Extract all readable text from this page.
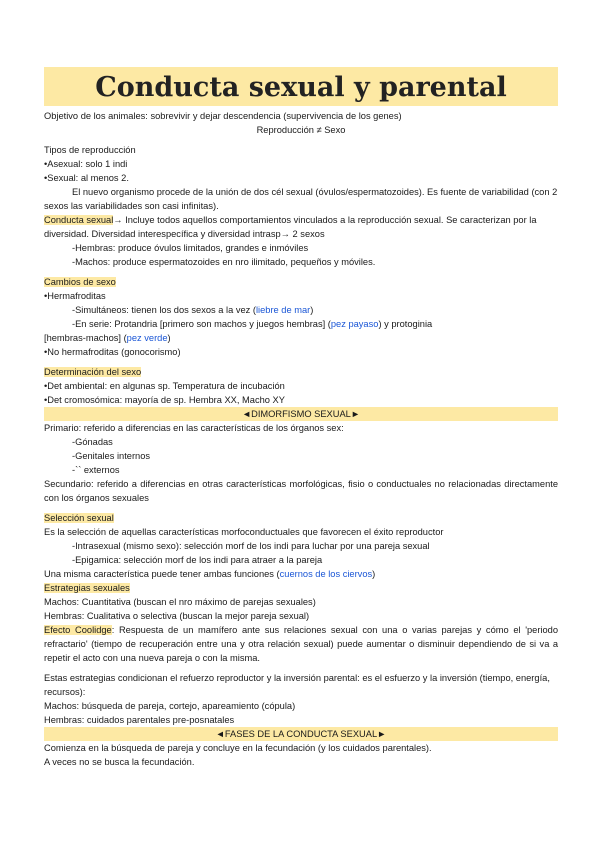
Conducta sexual y parental
Objetivo de los animales: sobrevivir y dejar descendencia (supervivencia de los genes)
Reproducción ≠ Sexo
Tipos de reproducción
•Asexual: solo 1 indi
•Sexual: al menos 2.
El nuevo organismo procede de la unión de dos cél sexual (óvulos/espermatozoides). Es fuente de variabilidad (con 2 sexos las variabilidades son casi infinitas).
Conducta sexual→ Incluye todos aquellos comportamientos vinculados a la reproducción sexual. Se caracterizan por la diversidad. Diversidad interespecífica y diversidad intrasp→ 2 sexos
-Hembras: produce óvulos limitados, grandes e inmóviles
-Machos: produce espermatozoides en nro ilimitado, pequeños y móviles.
Cambios de sexo
•Hermafroditas
-Simultáneos: tienen los dos sexos a la vez (liebre de mar)
-En serie: Protandria [primero son machos y juegos hembras] (pez payaso) y protoginia
[hembras-machos] (pez verde)
•No hermafroditas (gonocorismo)
Determinación del sexo
•Det ambiental: en algunas sp. Temperatura de incubación
•Det cromosómica: mayoría de sp. Hembra XX, Macho XY
◄DIMORFISMO SEXUAL►
Primario: referido a diferencias en las características de los órganos sex:
-Gónadas
-Genitales internos
-`` externos
Secundario: referido a diferencias en otras características morfológicas, fisio o conductuales no relacionadas directamente con los órganos sexuales
Selección sexual
Es la selección de aquellas características morfoconductuales que favorecen el éxito reproductor
-Intrasexual (mismo sexo): selección morf de los indi para luchar por una pareja sexual
-Epigamica: selección morf de los indi para atraer a la pareja
Una misma característica puede tener ambas funciones (cuernos de los ciervos)
Estrategias sexuales
Machos: Cuantitativa (buscan el nro máximo de parejas sexuales)
Hembras: Cualitativa o selectiva (buscan la mejor pareja sexual)
Efecto Coolidge: Respuesta de un mamífero ante sus relaciones sexual con una o varias parejas y cómo el 'periodo refractario' (tiempo de recuperación entre una y otra relación sexual) puede aumentar o disminuir dependiendo de si va a repetir el acto con una nueva pareja o con la misma.
Estas estrategias condicionan el refuerzo reproductor y la inversión parental: es el esfuerzo y la inversión (tiempo, energía, recursos):
Machos: búsqueda de pareja, cortejo, apareamiento (cópula)
Hembras: cuidados parentales pre-posnatales
◄FASES DE LA CONDUCTA SEXUAL►
Comienza en la búsqueda de pareja y concluye en la fecundación (y los cuidados parentales).
A veces no se busca la fecundación.
